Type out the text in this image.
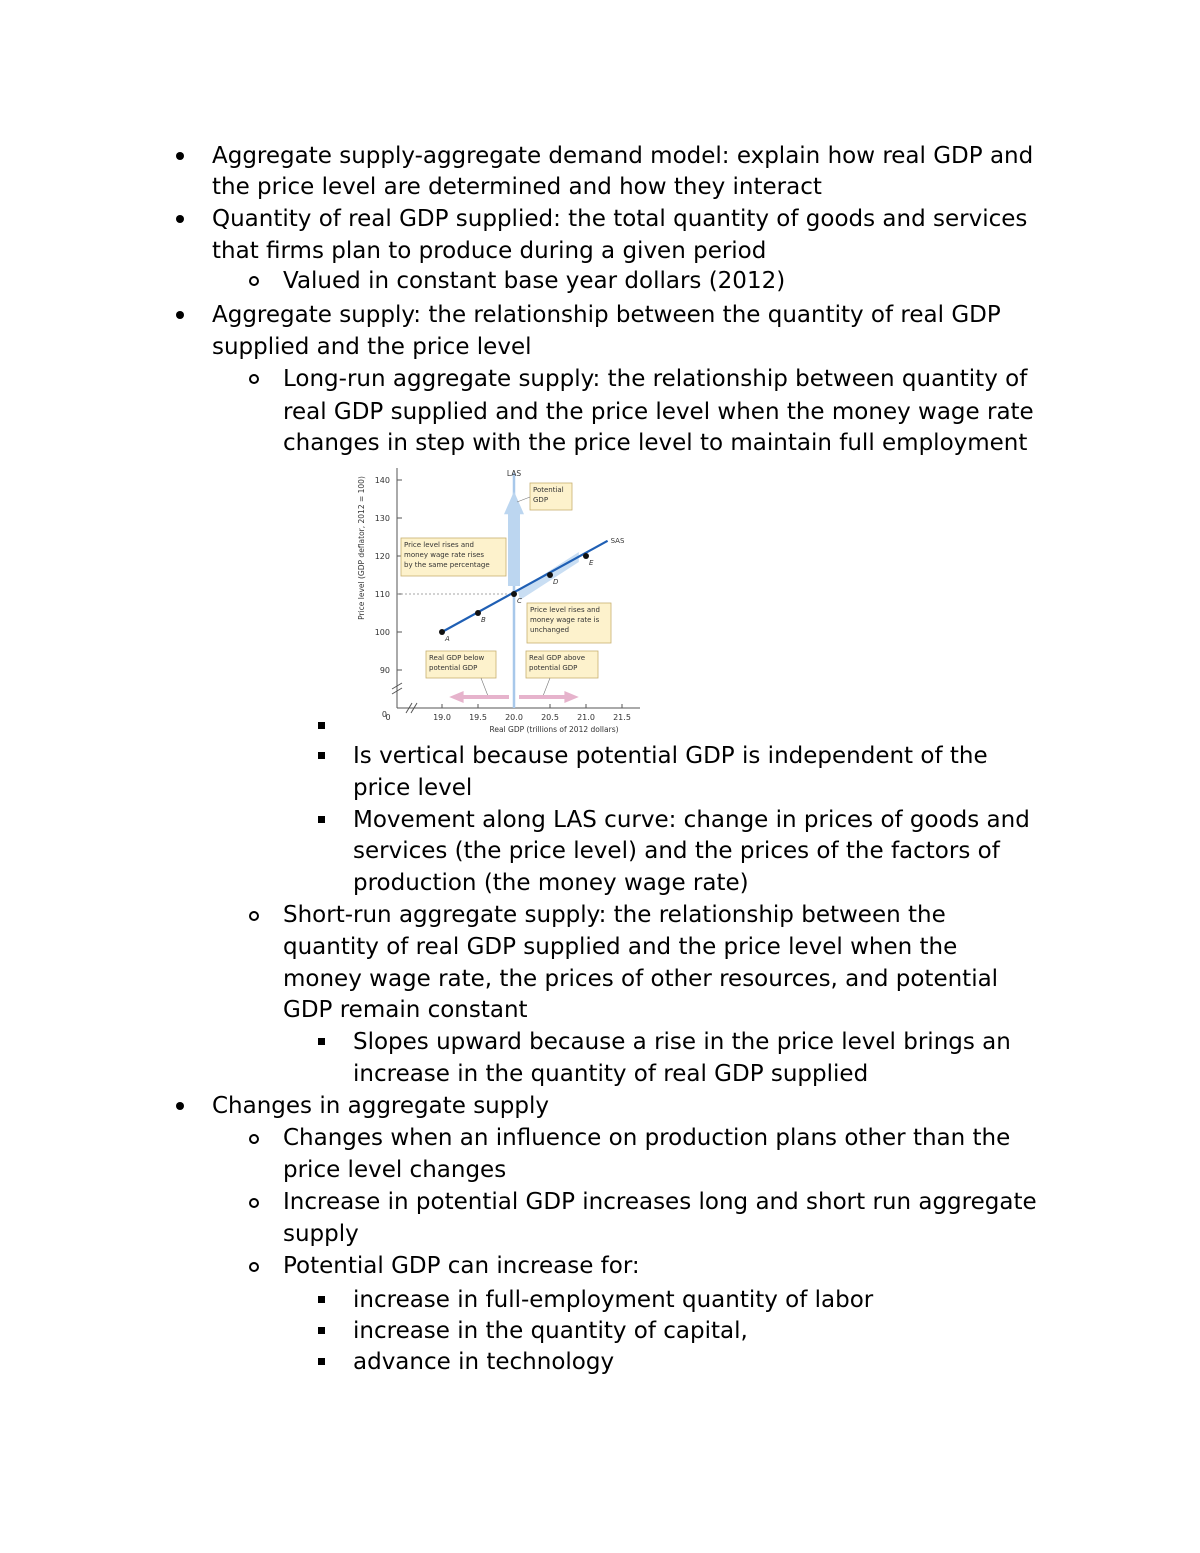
Aggregate supply-aggregate demand model: explain how real GDP and
the price level are determined and how they interact
Quantity of real GDP supplied: the total quantity of goods and services
that firms plan to produce during a given period
Valued in constant base year dollars (2012)
Aggregate supply: the relationship between the quantity of real GDP
supplied and the price level
Long-run aggregate supply: the relationship between quantity of
real GDP supplied and the price level when the money wage rate
changes in step with the price level to maintain full employment
0
90
100
110
120
130
140
0	19.0 19.5 20.0 20.5 21.0 21.5
Real GDP (trillions of 2012 dollars)
Price level (GDP deflator, 2012 = 100)
LAS
SAS
A
B
C
D
E
Potential
GDP
Price level rises and
money wage rate rises
by the same percentage
Price level rises and
money wage rate is
unchanged
Real GDP below
potential GDP
Real GDP above
potential GDP
Is vertical because potential GDP is independent of the
price level
Movement along LAS curve: change in prices of goods and
services (the price level) and the prices of the factors of
production (the money wage rate)
Short-run aggregate supply: the relationship between the
quantity of real GDP supplied and the price level when the
money wage rate, the prices of other resources, and potential
GDP remain constant
Slopes upward because a rise in the price level brings an
increase in the quantity of real GDP supplied
Changes in aggregate supply
Changes when an influence on production plans other than the
price level changes
Increase in potential GDP increases long and short run aggregate
supply
Potential GDP can increase for:
increase in full-employment quantity of labor
increase in the quantity of capital,
advance in technology
